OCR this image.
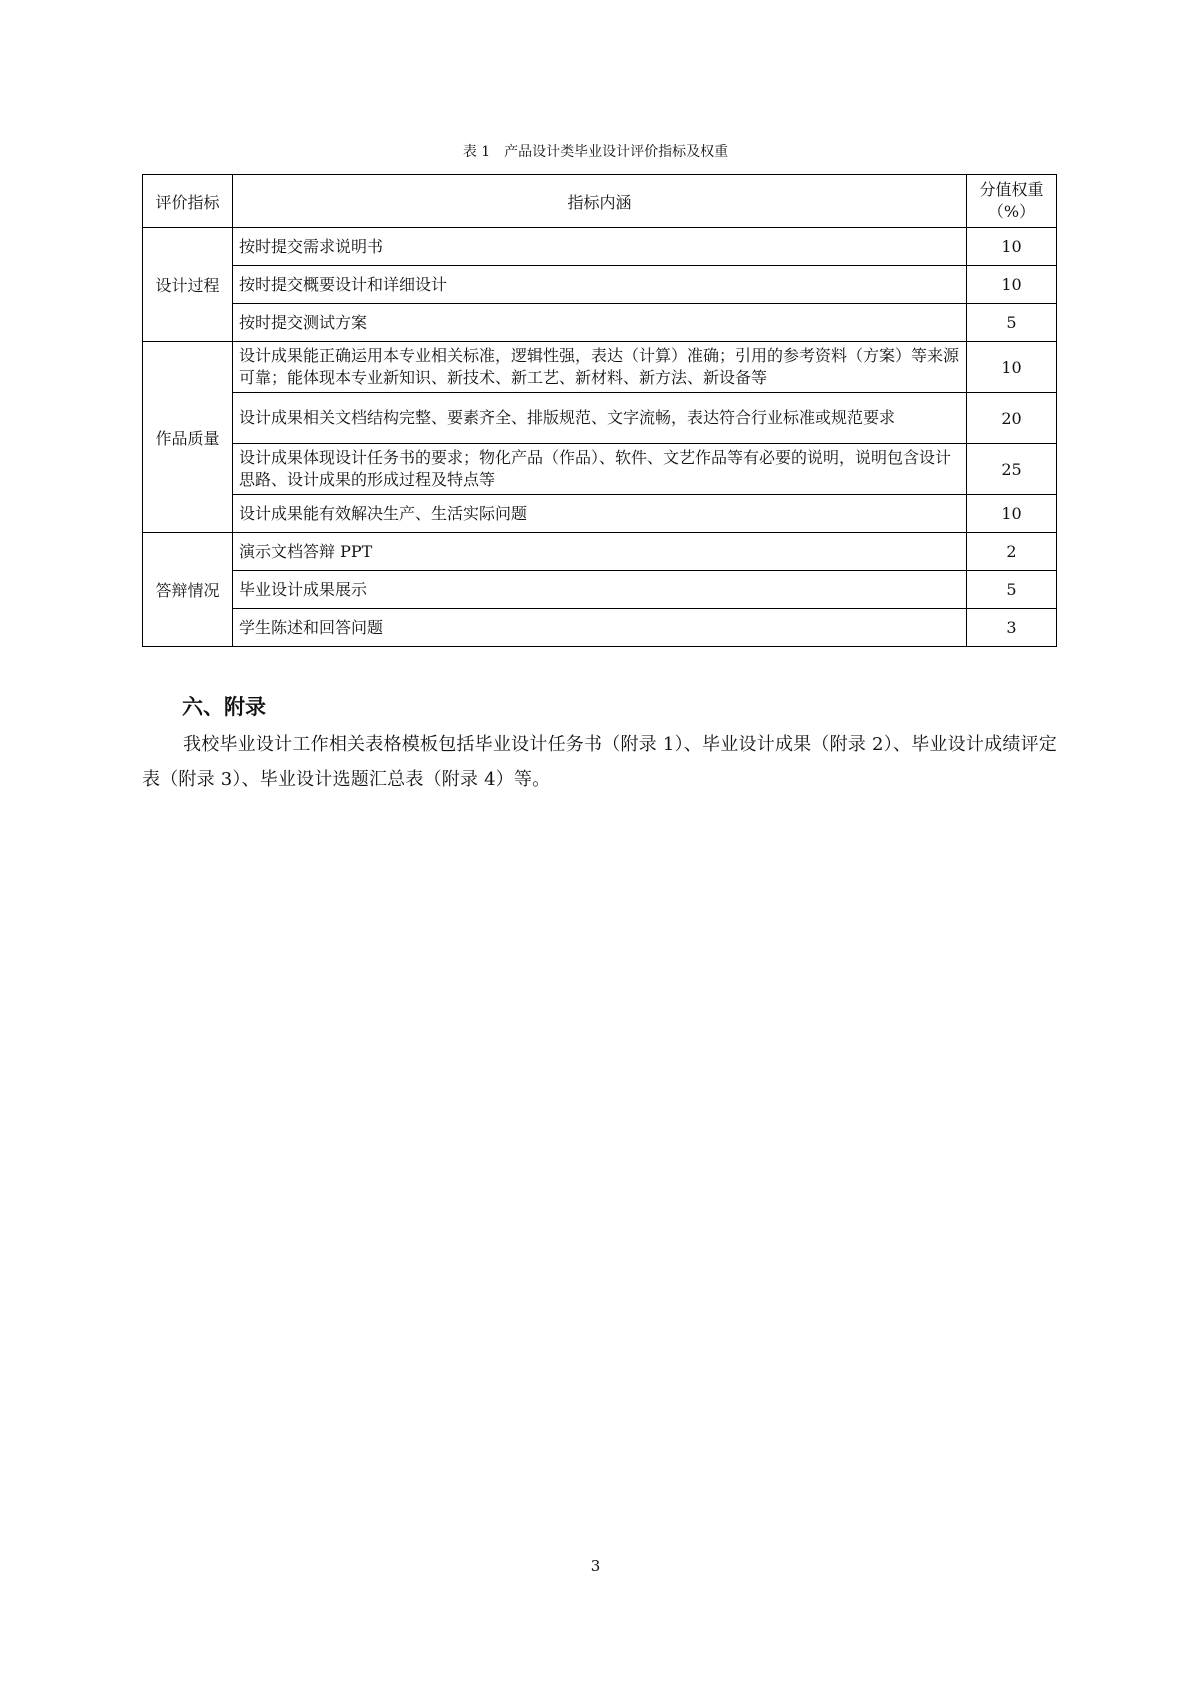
表 1　产品设计类毕业设计评价指标及权重
评价指标	指标内涵	分值权重
（%）
设计过程	按时提交需求说明书	10
	按时提交概要设计和详细设计	10
	按时提交测试方案	5
作品质量	设计成果能正确运用本专业相关标准，逻辑性强，表达（计算）准确；引用的参考资料（方案）等来源可靠；能体现本专业新知识、新技术、新工艺、新材料、新方法、新设备等	10
	设计成果相关文档结构完整、要素齐全、排版规范、文字流畅，表达符合行业标准或规范要求	20
	设计成果体现设计任务书的要求；物化产品（作品）、软件、文艺作品等有必要的说明，说明包含设计思路、设计成果的形成过程及特点等	25
	设计成果能有效解决生产、生活实际问题	10
答辩情况	演示文档答辩 PPT	2
	毕业设计成果展示	5
	学生陈述和回答问题	3
六、附录

我校毕业设计工作相关表格模板包括毕业设计任务书（附录 1）、毕业设计成果（附录 2）、毕业设计成绩评定表（附录 3）、毕业设计选题汇总表（附录 4）等。

3
